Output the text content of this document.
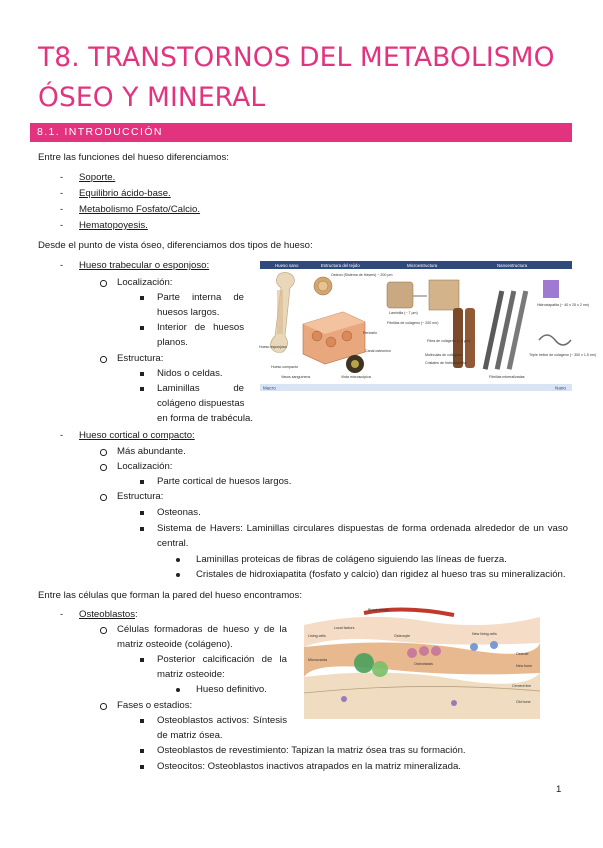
T8. TRANSTORNOS DEL METABOLISMO
ÓSEO Y MINERAL
8.1. INTRODUCCIÓN
Entre las funciones del hueso diferenciamos:
- Soporte.
- Equilibrio ácido-base.
- Metabolismo Fosfato/Calcio.
- Hematopoyesis.
Desde el punto de vista óseo, diferenciamos dos tipos de hueso:
- Hueso trabecular o esponjoso:
Localización:
Parte interna de
huesos largos.
Interior de huesos
planos.
Estructura:
Nidos o celdas.
Laminillas de
colágeno dispuestas
en forma de trabécula.
- Hueso cortical o compacto:
Más abundante.
Localización:
Parte cortical de huesos largos.
Estructura:
Osteonas.
Sistema de Havers: Laminillas circulares dispuestas de forma ordenada alrededor de un vaso
central.
Laminillas proteicas de fibras de colágeno siguiendo las líneas de fuerza.
Cristales de hidroxiapatita (fosfato y calcio) dan rigidez al hueso tras su mineralización.
Entre las células que forman la pared del hueso encontramos:
- Osteoblastos:
Células formadoras de hueso y de la
matriz osteoide (colágeno).
Posterior calcificación de la
matriz osteoide:
Hueso definitivo.
Fases o estadios:
Osteoblastos activos: Síntesis
de matriz ósea.
Osteoblastos de revestimiento: Tapizan la matriz ósea tras su formación.
Osteocitos: Osteoblastos inactivos atrapados en la matriz mineralizada.
Hueso sano	Estructura del tejido	Microestructura	Nanoestructura
Osteon (Sistema de Havers) ~ 200 µm
Laminilla (~ 7 µm)
Fibrillas de colágeno (~ 200 nm)
Fibra de colágeno (~ 6 µm)
Hidroxiapatita (~ 40 x 25 x 2 nm)
Hueso esponjoso
Periostio
Canal osteonico
Hueso compacto
Vasos sanguíneos	Vista microscópica
Moléculas de colágeno
Cristales de hidroxiapatita
Triple hélice de colágeno (~ 300 x 1,5 nm)
Fibrillas mineralizadas
Macro	Nano
Blood vessel
Local factors
Lining cells	Osteocyte
Osteoblasts
New lining cells
Osteoid
New bone
Cement line
Old bone
Microcracks
1
